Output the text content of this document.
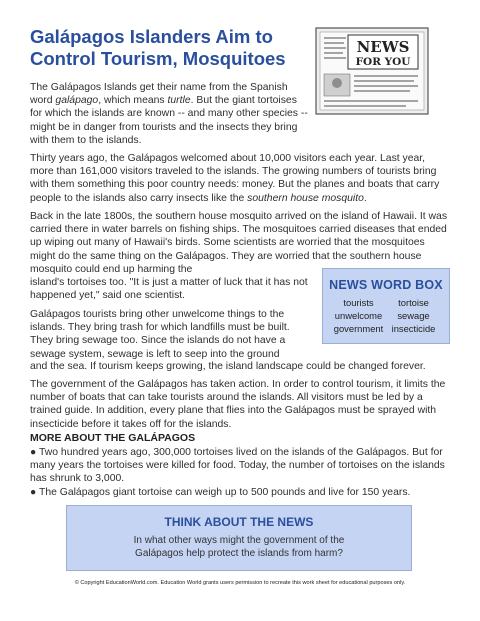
Galápagos Islanders Aim to
Control Tourism, Mosquitoes
NEWS
FOR YOU

The Galápagos Islands get their name from the Spanish word galápago, which means turtle. But the giant tortoises for which the islands are known -- and many other species -- might be in danger from tourists and the insects they bring with them to the islands.

Thirty years ago, the Galápagos welcomed about 10,000 visitors each year. Last year, more than 161,000 visitors traveled to the islands. The growing numbers of tourists bring with them something this poor country needs: money. But the planes and boats that carry people to the islands also carry insects like the southern house mosquito.

Back in the late 1800s, the southern house mosquito arrived on the island of Hawaii. It was carried there in water barrels on fishing ships. The mosquitoes carried diseases that ended up wiping out many of Hawaii's birds. Some scientists are worried that the mosquitoes might do the same thing on the Galápagos. They are worried that the southern house mosquito could end up harming the

island's tortoises too. "It is just a matter of luck that it has not happened yet," said one scientist.

NEWS WORD BOX
tourists	tortoise
unwelcome	sewage
government insecticide

Galápagos tourists bring other unwelcome things to the islands. They bring trash for which landfills must be built. They bring sewage too. Since the islands do not have a sewage system, sewage is left to seep into the ground

and the sea. If tourism keeps growing, the island landscape could be changed forever.

The government of the Galápagos has taken action. In order to control tourism, it limits the number of boats that can take tourists around the islands. All visitors must be led by a trained guide. In addition, every plane that flies into the Galápagos must be sprayed with insecticide before it takes off for the islands.

MORE ABOUT THE GALÁPAGOS

● Two hundred years ago, 300,000 tortoises lived on the islands of the Galápagos. But for many years the tortoises were killed for food. Today, the number of tortoises on the islands has shrunk to 3,000.

● The Galápagos giant tortoise can weigh up to 500 pounds and live for 150 years.

THINK ABOUT THE NEWS
In what other ways might the government of the Galápagos help protect the islands from harm?
© Copyright EducationWorld.com. Education World grants users permission to recreate this work sheet for educational purposes only.
